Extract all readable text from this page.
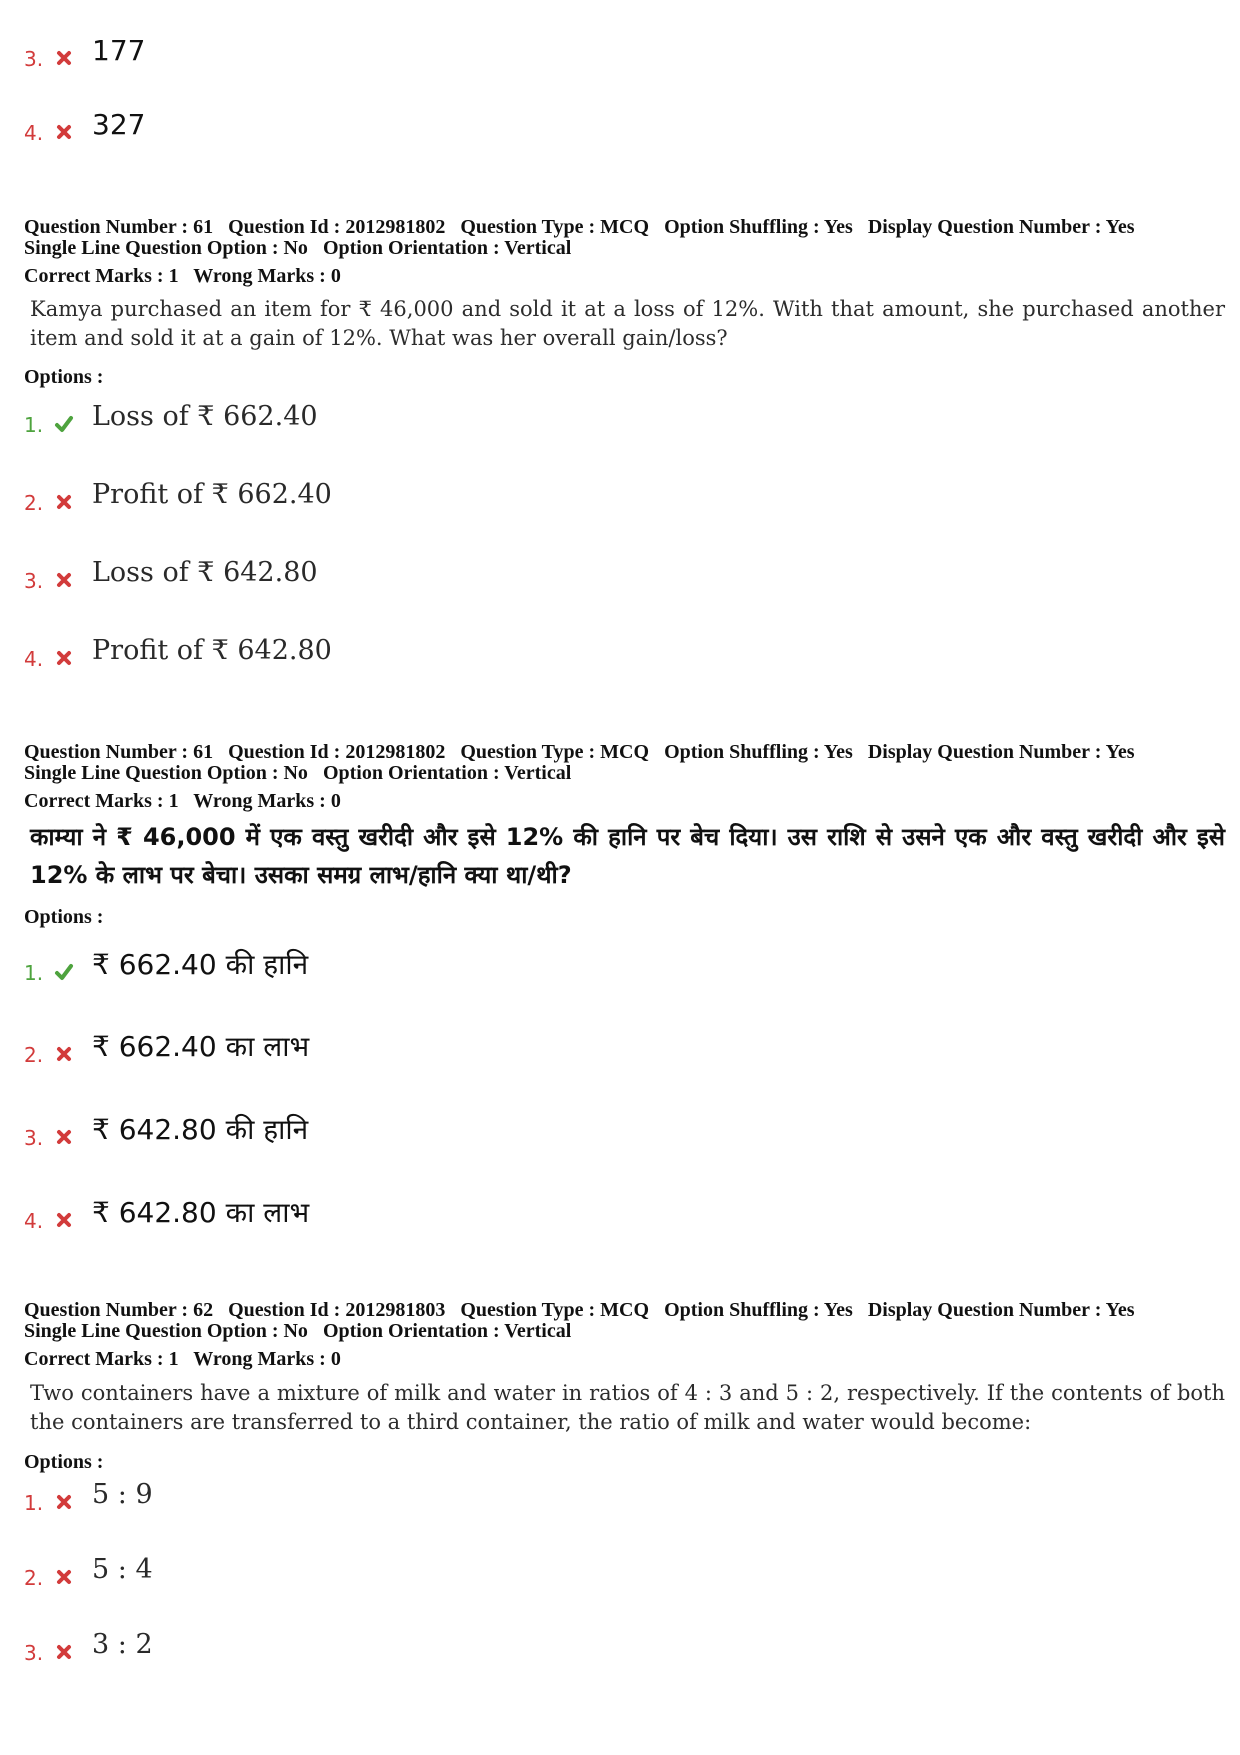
3. 177
4. 327
Question Number : 61 Question Id : 2012981802 Question Type : MCQ Option Shuffling : Yes Display Question Number : Yes
Single Line Question Option : No Option Orientation : Vertical
Correct Marks : 1 Wrong Marks : 0
Kamya purchased an item for ₹ 46,000 and sold it at a loss of 12%. With that amount, she purchased another item and sold it at a gain of 12%. What was her overall gain/loss?
Options :
1. Loss of ₹ 662.40
2. Profit of ₹ 662.40
3. Loss of ₹ 642.80
4. Profit of ₹ 642.80
Question Number : 61 Question Id : 2012981802 Question Type : MCQ Option Shuffling : Yes Display Question Number : Yes
Single Line Question Option : No Option Orientation : Vertical
Correct Marks : 1 Wrong Marks : 0
काम्या ने ₹ 46,000 में एक वस्तु खरीदी और इसे 12% की हानि पर बेच दिया। उस राशि से उसने एक और वस्तु खरीदी और इसे 12% के लाभ पर बेचा। उसका समग्र लाभ/हानि क्या था/थी?
Options :
1. ₹ 662.40 की हानि
2. ₹ 662.40 का लाभ
3. ₹ 642.80 की हानि
4. ₹ 642.80 का लाभ
Question Number : 62 Question Id : 2012981803 Question Type : MCQ Option Shuffling : Yes Display Question Number : Yes
Single Line Question Option : No Option Orientation : Vertical
Correct Marks : 1 Wrong Marks : 0
Two containers have a mixture of milk and water in ratios of 4 : 3 and 5 : 2, respectively. If the contents of both the containers are transferred to a third container, the ratio of milk and water would become:
Options :
1. 5 : 9
2. 5 : 4
3. 3 : 2
